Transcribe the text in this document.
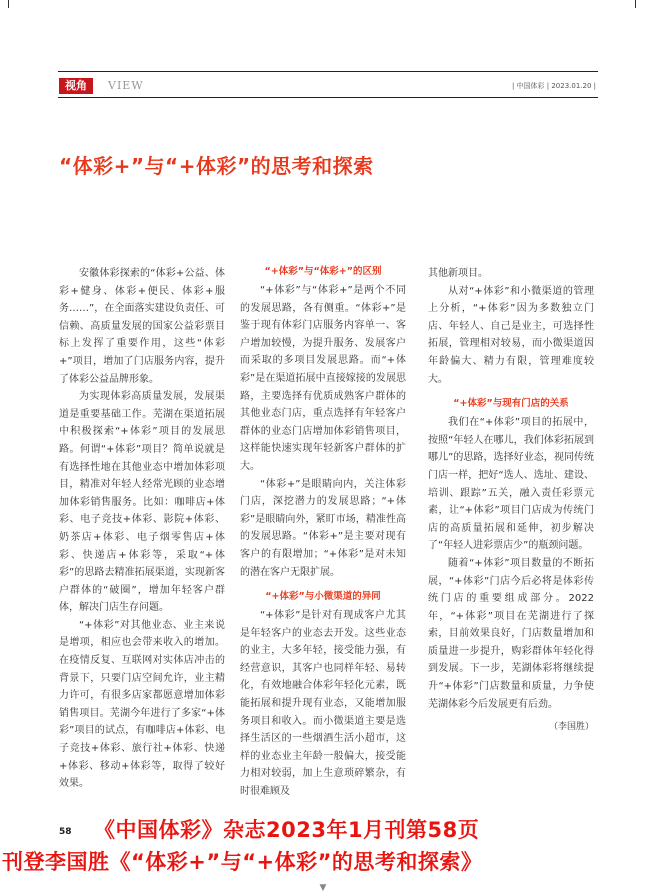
视角	VIEW	| 中国体彩 | 2023.01.20 |
“体彩+”与“+体彩”的思考和探索

安徽体彩探索的“体彩+公益、体彩+健身、体彩+便民、体彩+服务……”，在全面落实建设负责任、可信赖、高质量发展的国家公益彩票目标上发挥了重要作用，这些“体彩+”项目，增加了门店服务内容，提升了体彩公益品牌形象。

为实现体彩高质量发展，发展渠道是重要基础工作。芜湖在渠道拓展中积极探索“+体彩”项目的发展思路。何谓“+体彩”项目？简单说就是有选择性地在其他业态中增加体彩项目，精准对年轻人经常光顾的业态增加体彩销售服务。比如：咖啡店+体彩、电子竞技+体彩、影院+体彩、奶茶店+体彩、电子烟零售店+体彩、快递店+体彩等，采取“+体彩”的思路去精准拓展渠道，实现新客户群体的“破圈”，增加年轻客户群体，解决门店生存问题。

“+体彩”对其他业态、业主来说是增项，相应也会带来收入的增加。在疫情反复、互联网对实体店冲击的背景下，只要门店空间允许，业主精力许可，有很多店家都愿意增加体彩销售项目。芜湖今年进行了多家“+体彩”项目的试点，有咖啡店+体彩、电子竞技+体彩、旅行社+体彩、快递+体彩、移动+体彩等，取得了较好效果。

“+体彩”与“体彩+”的区别

“+体彩”与“体彩+”是两个不同的发展思路，各有侧重。“体彩+”是鉴于现有体彩门店服务内容单一、客户增加较慢，为提升服务、发展客户而采取的多项目发展思路。而“+体彩”是在渠道拓展中直接嫁接的发展思路，主要选择有优质成熟客户群体的其他业态门店，重点选择有年轻客户群体的业态门店增加体彩销售项目，这样能快速实现年轻新客户群体的扩大。

“体彩+”是眼睛向内，关注体彩门店，深挖潜力的发展思路；“+体彩”是眼睛向外，紧盯市场，精准性高的发展思路。“体彩+”是主要对现有客户的有限增加；“+体彩”是对未知的潜在客户无限扩展。

“+体彩”与小微渠道的异同

“+体彩”是针对有现成客户尤其是年轻客户的业态去开发。这些业态的业主，大多年轻，接受能力强，有经营意识，其客户也同样年轻、易转化，有效地融合体彩年轻化元素，既能拓展和提升现有业态，又能增加服务项目和收入。而小微渠道主要是选择生活区的一些烟酒生活小超市，这样的业态业主年龄一般偏大，接受能力相对较弱，加上生意琐碎繁杂，有时很难顾及

其他新项目。

从对“+体彩”和小微渠道的管理上分析，“+体彩”因为多数独立门店、年轻人、自己是业主，可选择性拓展，管理相对较易，而小微渠道因年龄偏大、精力有限，管理难度较大。

“+体彩”与现有门店的关系

我们在“+体彩”项目的拓展中，按照“年轻人在哪儿，我们体彩拓展到哪儿”的思路，选择好业态，视同传统门店一样，把好“选人、选址、建设、培训、跟踪”五关，融入责任彩票元素，让“+体彩”项目门店成为传统门店的高质量拓展和延伸，初步解决了“年轻人进彩票店少”的瓶颈问题。

随着“+体彩”项目数量的不断拓展，“+体彩”门店今后必将是体彩传统门店的重要组成部分。2022年，“+体彩”项目在芜湖进行了探索，目前效果良好，门店数量增加和质量进一步提升，购彩群体年轻化得到发展。下一步，芜湖体彩将继续提升“+体彩”门店数量和质量，力争使芜湖体彩今后发展更有后劲。

（李国胜）
58 《中国体彩》杂志2023年1月刊第58页
刊登李国胜《“体彩+”与“+体彩”的思考和探索》
▼
